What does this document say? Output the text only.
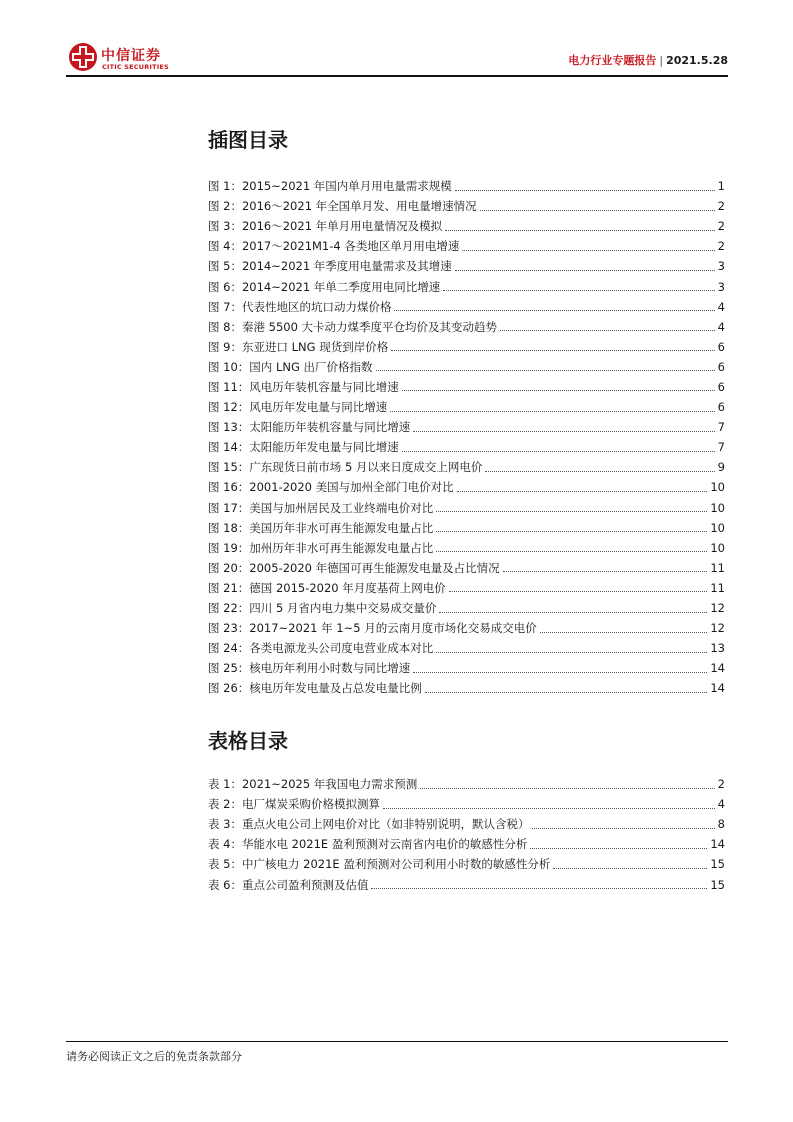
中信证券
CITIC SECURITIES	电力行业专题报告 | 2021.5.28
插图目录
图 1：2015~2021 年国内单月用电量需求规模	1
图 2：2016～2021 年全国单月发、用电量增速情况	2
图 3：2016～2021 年单月用电量情况及模拟	2
图 4：2017～2021M1-4 各类地区单月用电增速	2
图 5：2014~2021 年季度用电量需求及其增速	3
图 6：2014~2021 年单二季度用电同比增速	3
图 7：代表性地区的坑口动力煤价格	4
图 8：秦港 5500 大卡动力煤季度平仓均价及其变动趋势	4
图 9：东亚进口 LNG 现货到岸价格	6
图 10：国内 LNG 出厂价格指数	6
图 11：风电历年装机容量与同比增速	6
图 12：风电历年发电量与同比增速	6
图 13：太阳能历年装机容量与同比增速	7
图 14：太阳能历年发电量与同比增速	7
图 15：广东现货日前市场 5 月以来日度成交上网电价	9
图 16：2001-2020 美国与加州全部门电价对比	10
图 17：美国与加州居民及工业终端电价对比	10
图 18：美国历年非水可再生能源发电量占比	10
图 19：加州历年非水可再生能源发电量占比	10
图 20：2005-2020 年德国可再生能源发电量及占比情况	11
图 21：德国 2015-2020 年月度基荷上网电价	11
图 22：四川 5 月省内电力集中交易成交量价	12
图 23：2017~2021 年 1~5 月的云南月度市场化交易成交电价	12
图 24：各类电源龙头公司度电营业成本对比	13
图 25：核电历年利用小时数与同比增速	14
图 26：核电历年发电量及占总发电量比例	14
表格目录
表 1：2021~2025 年我国电力需求预测	2
表 2：电厂煤炭采购价格模拟测算	4
表 3：重点火电公司上网电价对比（如非特别说明，默认含税）	8
表 4：华能水电 2021E 盈利预测对云南省内电价的敏感性分析	14
表 5：中广核电力 2021E 盈利预测对公司利用小时数的敏感性分析	15
表 6：重点公司盈利预测及估值	15
请务必阅读正文之后的免责条款部分
